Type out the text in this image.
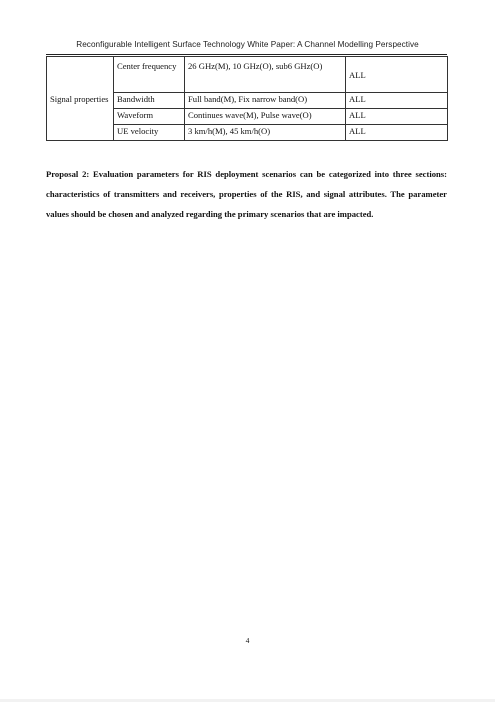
Reconfigurable Intelligent Surface Technology White Paper: A Channel Modelling Perspective
Signal properties	Center frequency	26 GHz(M), 10 GHz(O), sub6 GHz(O)	ALL
	Bandwidth	Full band(M), Fix narrow band(O)	ALL
	Waveform	Continues wave(M), Pulse wave(O)	ALL
	UE velocity	3 km/h(M), 45 km/h(O)	ALL

Proposal 2: Evaluation parameters for RIS deployment scenarios can be categorized into three sections: characteristics of transmitters and receivers, properties of the RIS, and signal attributes. The parameter values should be chosen and analyzed regarding the primary scenarios that are impacted.

4
